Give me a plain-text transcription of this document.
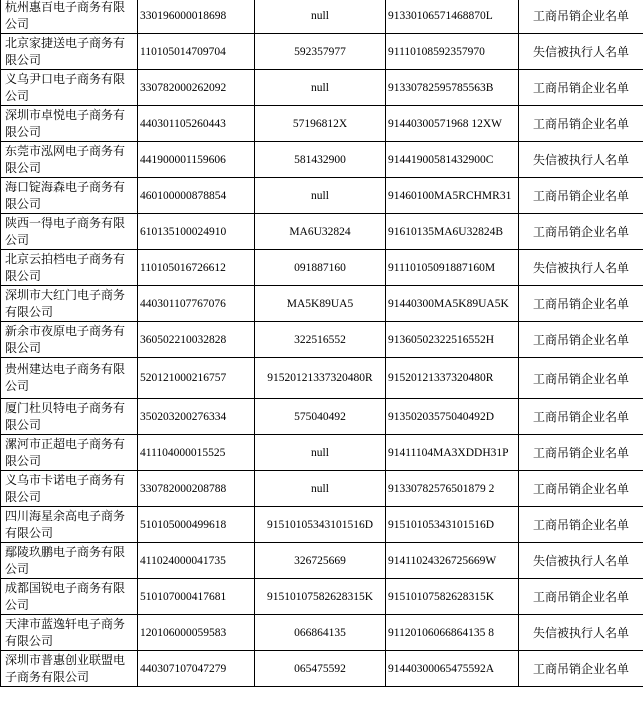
杭州惠百电子商务有限公司	330196000018698	null	91330106571468870L	工商吊销企业名单
北京家捷送电子商务有限公司	110105014709704	592357977	91110108592357970	失信被执行人名单
义乌尹口电子商务有限公司	330782000262092	null	91330782595785563B	工商吊销企业名单
深圳市卓悦电子商务有限公司	440301105260443	57196812X	91440300571968 12XW	工商吊销企业名单
东莞市泓网电子商务有限公司	441900001159606	581432900	91441900581432900C	失信被执行人名单
海口锭海森电子商务有限公司	460100000878854	null	91460100MA5RCHMR31	工商吊销企业名单
陕西一得电子商务有限公司	610135100024910	MA6U32824	91610135MA6U32824B	工商吊销企业名单
北京云拍档电子商务有限公司	110105016726612	091887160	91110105091887160M	失信被执行人名单
深圳市大红门电子商务有限公司	440301107767076	MA5K89UA5	91440300MA5K89UA5K	工商吊销企业名单
新余市夜原电子商务有限公司	360502210032828	322516552	91360502322516552H	工商吊销企业名单
贵州建达电子商务有限公司	520121000216757	91520121337320480R	91520121337320480R	工商吊销企业名单
厦门杜贝特电子商务有限公司	350203200276334	575040492	91350203575040492D	工商吊销企业名单
漯河市正超电子商务有限公司	411104000015525	null	91411104MA3XDDH31P	工商吊销企业名单
义乌市卡诺电子商务有限公司	330782000208788	null	91330782576501879 2	工商吊销企业名单
四川海星余高电子商务有限公司	510105000499618	91510105343101516D	91510105343101516D	工商吊销企业名单
鄢陵玖鹏电子商务有限公司	411024000041735	326725669	91411024326725669W	失信被执行人名单
成都国锐电子商务有限公司	510107000417681	91510107582628315K	91510107582628315K	工商吊销企业名单
天津市蓝逸轩电子商务有限公司	120106000059583	066864135	91120106066864135 8	失信被执行人名单
深圳市普惠创业联盟电子商务有限公司	440307107047279	065475592	91440300065475592A	工商吊销企业名单
